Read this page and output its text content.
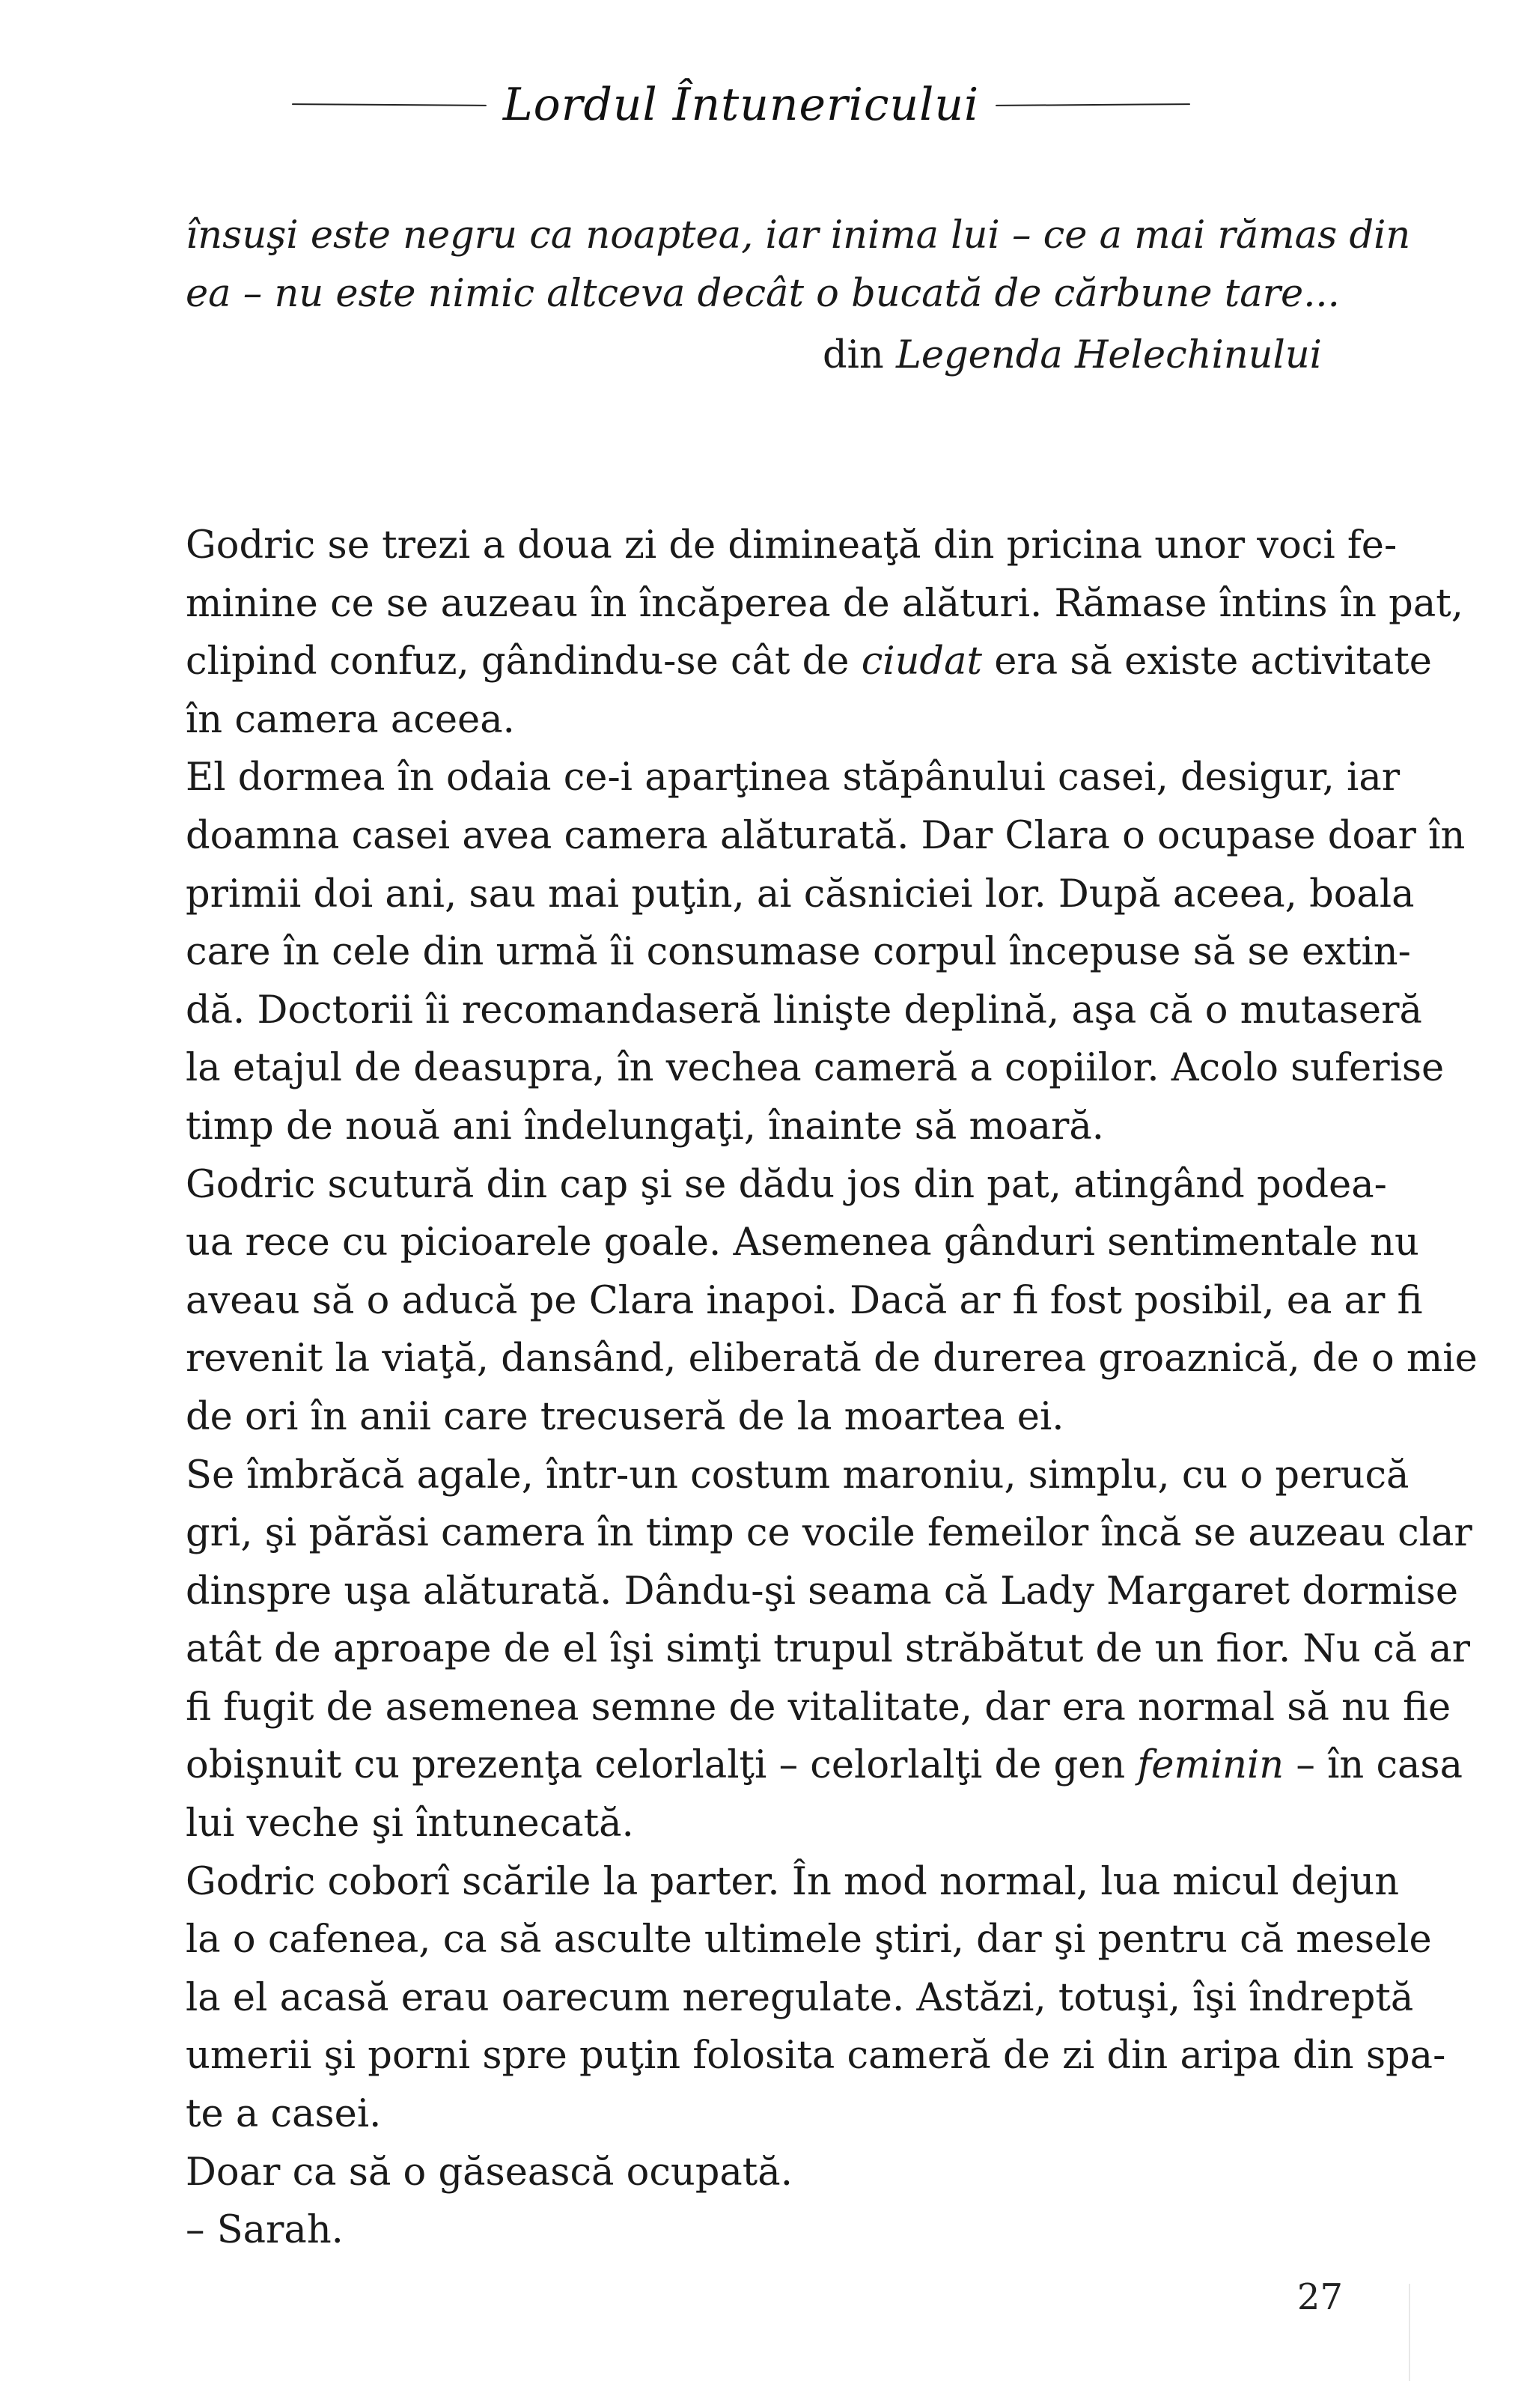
Lordul Întunericului
însuşi este negru ca noaptea, iar inima lui – ce a mai rămas din
ea – nu este nimic altceva decât o bucată de cărbune tare...
din Legenda Helechinului
Godric se trezi a doua zi de dimineaţă din pricina unor voci fe-
minine ce se auzeau în încăperea de alături. Rămase întins în pat,
clipind confuz, gândindu-se cât de ciudat era să existe activitate
în camera aceea.
El dormea în odaia ce-i aparţinea stăpânului casei, desigur, iar
doamna casei avea camera alăturată. Dar Clara o ocupase doar în
primii doi ani, sau mai puţin, ai căsniciei lor. După aceea, boala
care în cele din urmă îi consumase corpul începuse să se extin-
dă. Doctorii îi recomandaseră linişte deplină, aşa că o mutaseră
la etajul de deasupra, în vechea cameră a copiilor. Acolo suferise
timp de nouă ani îndelungaţi, înainte să moară.
Godric scutură din cap şi se dădu jos din pat, atingând podea-
ua rece cu picioarele goale. Asemenea gânduri sentimentale nu
aveau să o aducă pe Clara inapoi. Dacă ar fi fost posibil, ea ar fi
revenit la viaţă, dansând, eliberată de durerea groaznică, de o mie
de ori în anii care trecuseră de la moartea ei.
Se îmbrăcă agale, într-un costum maroniu, simplu, cu o perucă
gri, şi părăsi camera în timp ce vocile femeilor încă se auzeau clar
dinspre uşa alăturată. Dându-şi seama că Lady Margaret dormise
atât de aproape de el îşi simţi trupul străbătut de un fior. Nu că ar
fi fugit de asemenea semne de vitalitate, dar era normal să nu fie
obişnuit cu prezenţa celorlalţi – celorlalţi de gen feminin – în casa
lui veche şi întunecată.
Godric coborî scările la parter. În mod normal, lua micul dejun
la o cafenea, ca să asculte ultimele ştiri, dar şi pentru că mesele
la el acasă erau oarecum neregulate. Astăzi, totuşi, îşi îndreptă
umerii şi porni spre puţin folosita cameră de zi din aripa din spa-
te a casei.
Doar ca să o găsească ocupată.
– Sarah.
27
